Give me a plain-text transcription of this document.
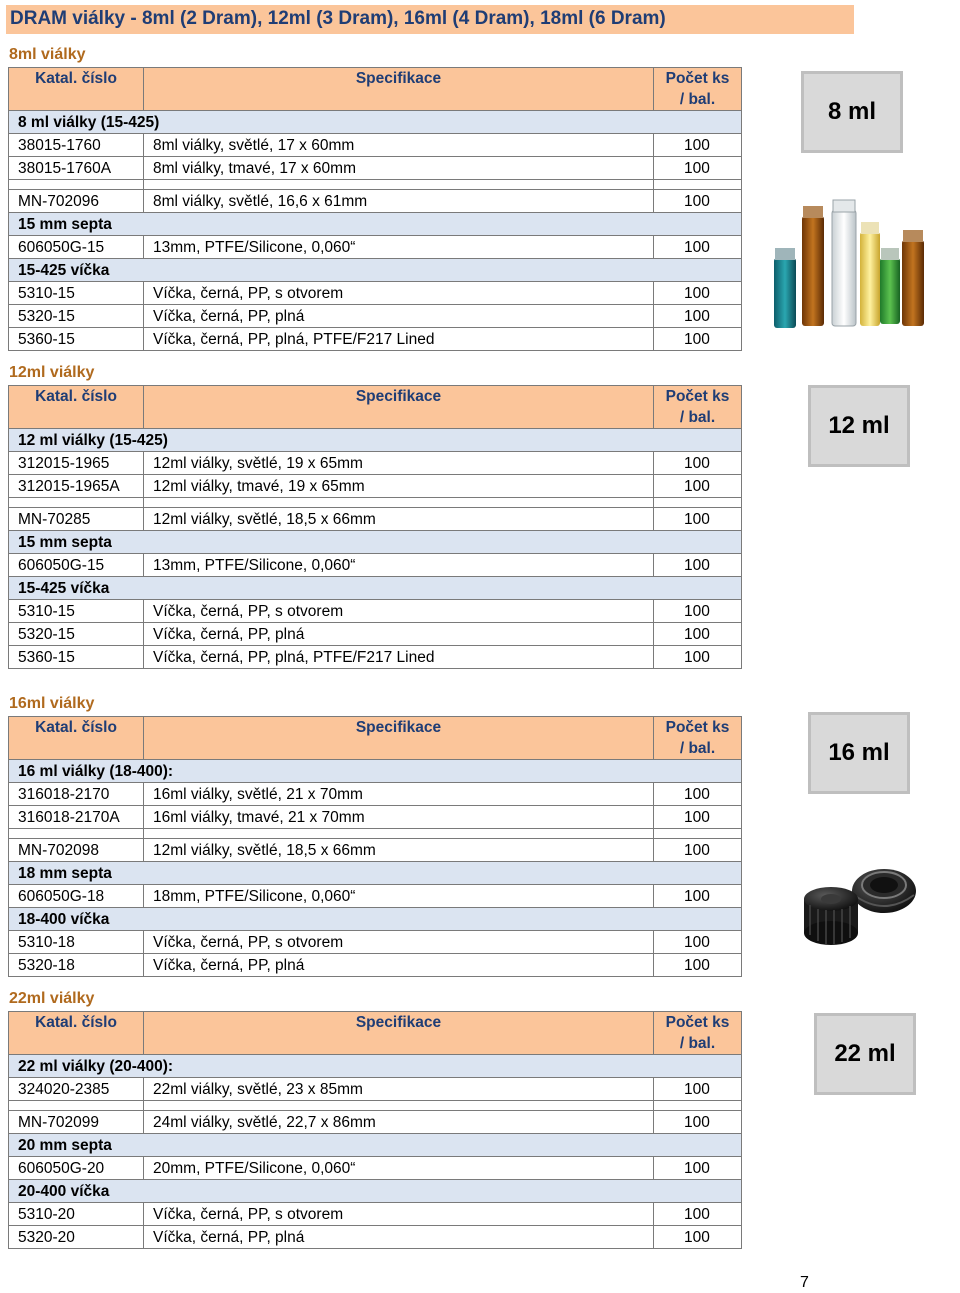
DRAM viálky - 8ml (2 Dram), 12ml (3 Dram), 16ml (4 Dram), 18ml (6 Dram)
8ml viálky
Katal. číslo	Specifikace	Počet ks
/ bal.
8 ml viálky (15-425)		
38015-1760	8ml viálky, světlé, 17 x 60mm	100
38015-1760A	8ml viálky, tmavé, 17 x 60mm	100

MN-702096	8ml viálky, světlé, 16,6 x 61mm	100
15 mm septa		
606050G-15	13mm, PTFE/Silicone, 0,060“	100
15-425 víčka		
5310-15	Víčka, černá, PP, s otvorem	100
5320-15	Víčka, černá, PP, plná	100
5360-15	Víčka, černá, PP, plná, PTFE/F217 Lined	100
8 ml
12ml viálky
Katal. číslo	Specifikace	Počet ks
/ bal.
12 ml viálky (15-425)		
312015-1965	12ml viálky, světlé, 19 x 65mm	100
312015-1965A	12ml viálky, tmavé, 19 x 65mm	100

MN-70285	12ml viálky, světlé, 18,5 x 66mm	100
15 mm septa		
606050G-15	13mm, PTFE/Silicone, 0,060“	100
15-425 víčka		
5310-15	Víčka, černá, PP, s otvorem	100
5320-15	Víčka, černá, PP, plná	100
5360-15	Víčka, černá, PP, plná, PTFE/F217 Lined	100
12 ml
16ml viálky
Katal. číslo	Specifikace	Počet ks
/ bal.
16 ml viálky (18-400):		
316018-2170	16ml viálky, světlé, 21 x 70mm	100
316018-2170A	16ml viálky, tmavé, 21 x 70mm	100

MN-702098	12ml viálky, světlé, 18,5 x 66mm	100
18 mm septa		
606050G-18	18mm, PTFE/Silicone, 0,060“	100
18-400 víčka		
5310-18	Víčka, černá, PP, s otvorem	100
5320-18	Víčka, černá, PP, plná	100
16 ml
22ml viálky
Katal. číslo	Specifikace	Počet ks
/ bal.
22 ml viálky (20-400):		
324020-2385	22ml viálky, světlé, 23 x 85mm	100

MN-702099	24ml viálky, světlé, 22,7 x 86mm	100
20 mm septa		
606050G-20	20mm, PTFE/Silicone, 0,060“	100
20-400 víčka		
5310-20	Víčka, černá, PP, s otvorem	100
5320-20	Víčka, černá, PP, plná	100
22 ml
7
